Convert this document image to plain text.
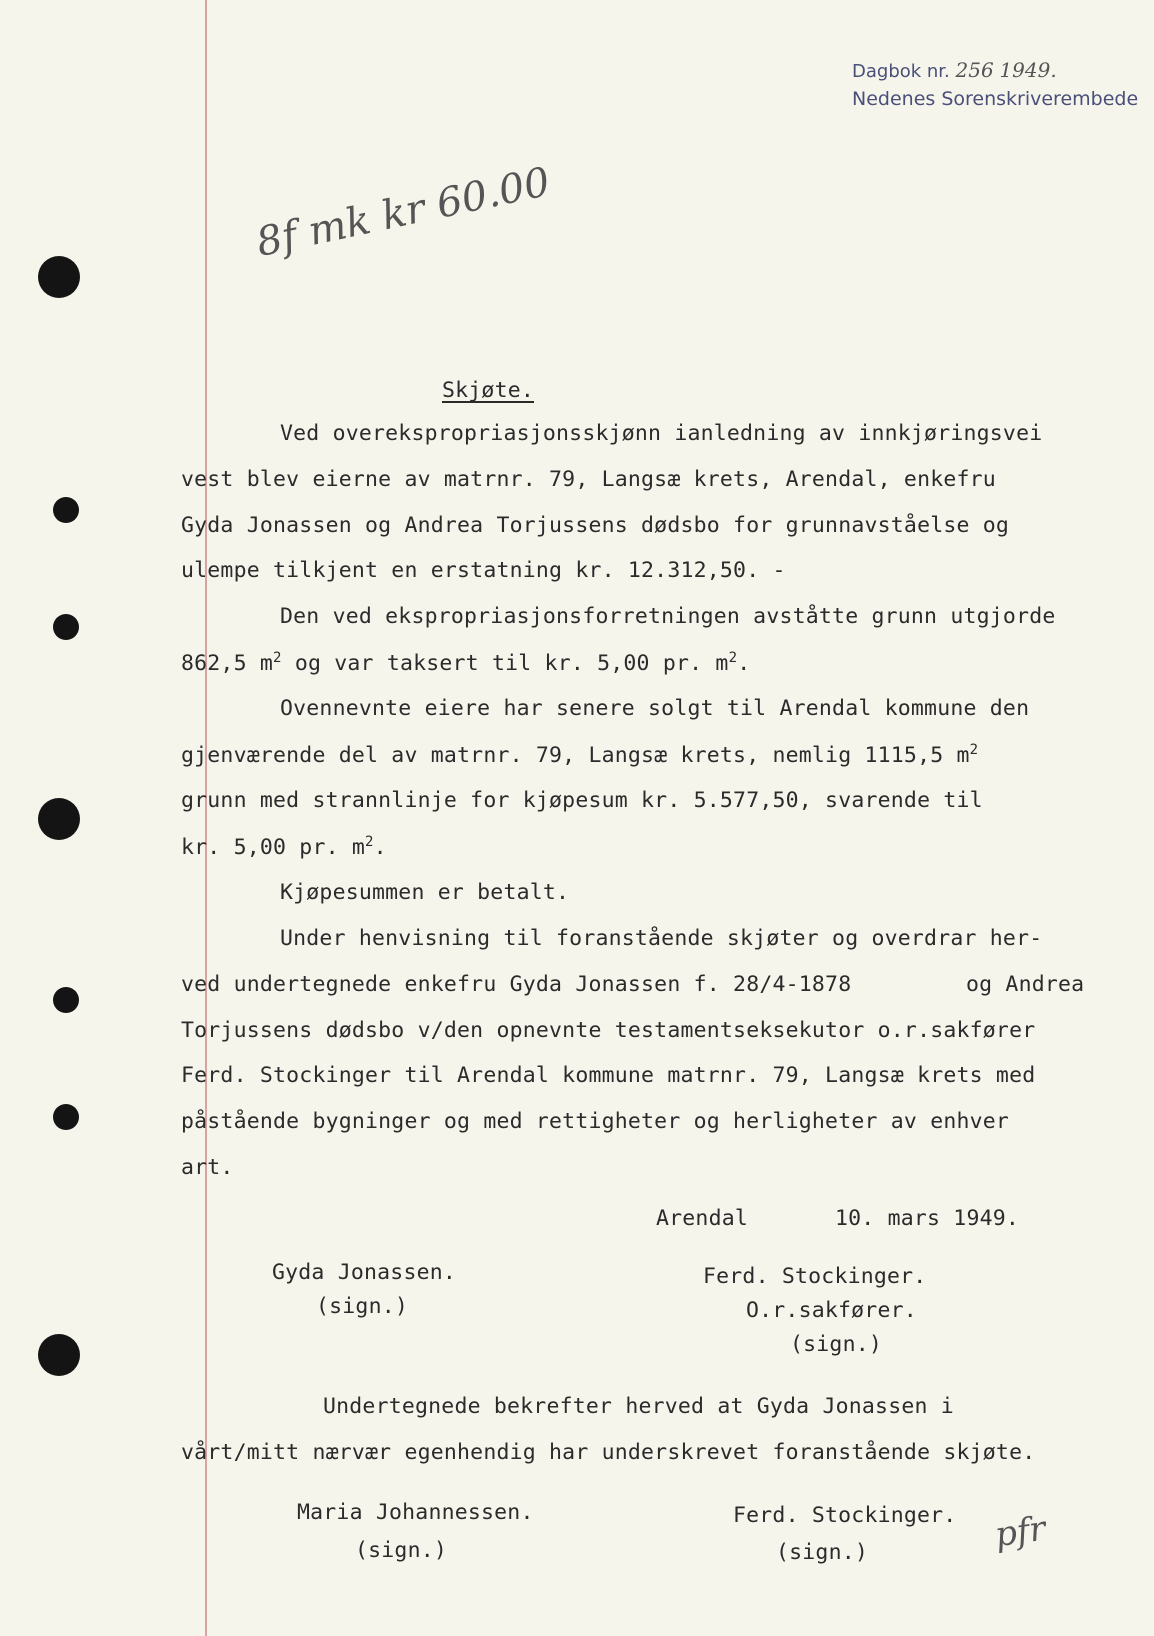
Dagbok nr. 256 1949.
Nedenes Sorenskriverembede
8f mk kr 60.00
Skjøte.
Ved overekspropriasjonsskjønn ianledning av innkjøringsvei
vest blev eierne av matrnr. 79, Langsæ krets, Arendal, enkefru
Gyda Jonassen og Andrea Torjussens dødsbo for grunnavståelse og
ulempe tilkjent en erstatning kr. 12.312,50. -
Den ved ekspropriasjonsforretningen avståtte grunn utgjorde
862,5 $m^2$ og var taksert til kr. 5,00 pr. $m^2$.
Ovennevnte eiere har senere solgt til Arendal kommune den
gjenværende del av matrnr. 79, Langsæ krets, nemlig 1115,5 $m^2$
grunn med strannlinje for kjøpesum kr. 5.577,50, svarende til
kr. 5,00 pr. $m^2$.
Kjøpesummen er betalt.
Under henvisning til foranstående skjøter og overdrar her-
ved undertegnede enkefru Gyda Jonassen f. 28/4-1878	og Andrea
Torjussens dødsbo v/den opnevnte testamentseksekutor o.r.sakfører
Ferd. Stockinger til Arendal kommune matrnr. 79, Langsæ krets med
påstående bygninger og med rettigheter og herligheter av enhver
art.
Arendal	10. mars 1949.
Gyda Jonassen.
(sign.)
Ferd. Stockinger.
O.r.sakfører.
(sign.)
Undertegnede bekrefter herved at Gyda Jonassen i
vårt/mitt nærvær egenhendig har underskrevet foranstående skjøte.
Maria Johannessen.
(sign.)
Ferd. Stockinger.
(sign.)	pfr
